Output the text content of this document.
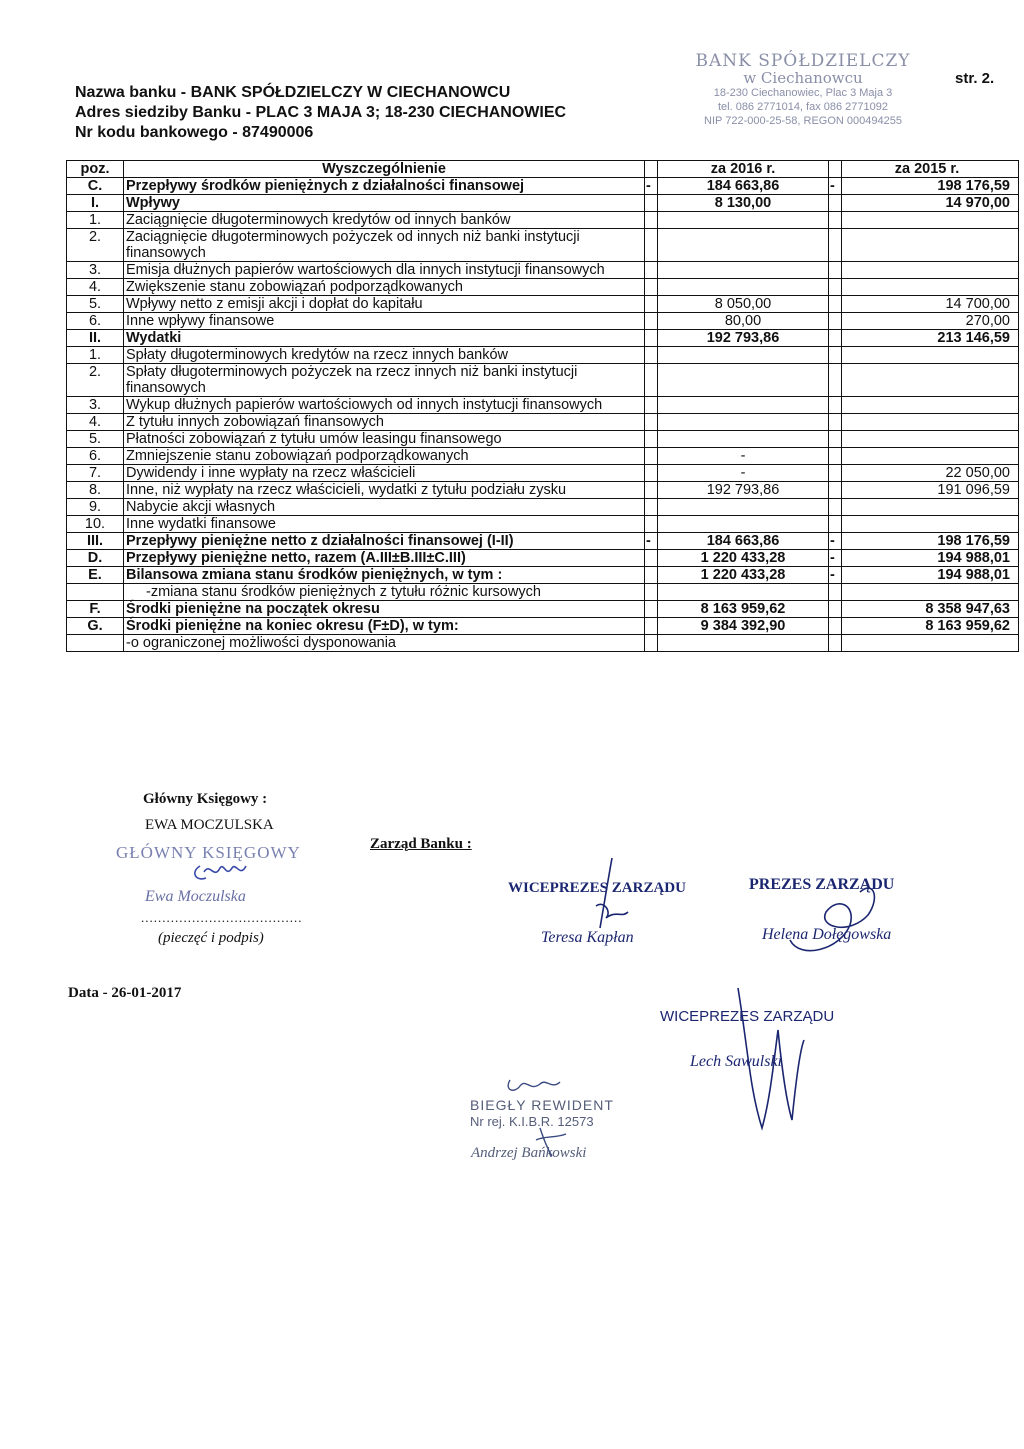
Nazwa banku - BANK SPÓŁDZIELCZY W CIECHANOWCU
Adres siedziby Banku - PLAC 3 MAJA 3; 18-230 CIECHANOWIEC
Nr kodu bankowego - 87490006
BANK SPÓŁDZIELCZY
w Ciechanowcu
18-230 Ciechanowiec, Plac 3 Maja 3
tel. 086 2771014, fax 086 2771092
NIP 722-000-25-58, REGON 000494255
str. 2.
poz.	Wyszczególnienie		za 2016 r.		za 2015 r.
C.	Przepływy środków pieniężnych z działalności finansowej	-	184 663,86	-	198 176,59
I.	Wpływy		8 130,00		14 970,00
1.	Zaciągnięcie długoterminowych kredytów od innych banków				
2.	Zaciągnięcie długoterminowych pożyczek od innych niż banki instytucji finansowych				
3.	Emisja dłużnych papierów wartościowych dla innych instytucji finansowych				
4.	Zwiększenie stanu zobowiązań podporządkowanych				
5.	Wpływy netto z emisji akcji i dopłat do kapitału		8 050,00		14 700,00
6.	Inne wpływy finansowe		80,00		270,00
II.	Wydatki		192 793,86		213 146,59
1.	Spłaty długoterminowych kredytów na rzecz innych banków				
2.	Spłaty długoterminowych pożyczek na rzecz innych niż banki instytucji finansowych				
3.	Wykup dłużnych papierów wartościowych od innych instytucji finansowych				
4.	Z tytułu innych zobowiązań finansowych				
5.	Płatności zobowiązań z tytułu umów leasingu finansowego				
6.	Zmniejszenie stanu zobowiązań podporządkowanych		-		
7.	Dywidendy i inne wypłaty na rzecz właścicieli		-		22 050,00
8.	Inne, niż wypłaty na rzecz właścicieli, wydatki z tytułu podziału zysku		192 793,86		191 096,59
9.	Nabycie akcji własnych				
10.	Inne wydatki finansowe				
III.	Przepływy pieniężne netto z działalności finansowej (I-II)	-	184 663,86	-	198 176,59
D.	Przepływy pieniężne netto, razem (A.III±B.III±C.III)		1 220 433,28	-	194 988,01
E.	Bilansowa zmiana stanu środków pieniężnych, w tym :		1 220 433,28	-	194 988,01
	-zmiana stanu środków pieniężnych z tytułu różnic kursowych				
F.	Środki pieniężne na początek okresu		8 163 959,62		8 358 947,63
G.	Środki pieniężne na koniec okresu (F±D), w tym:		9 384 392,90		8 163 959,62
	-o ograniczonej możliwości dysponowania				
Główny Księgowy :
EWA MOCZULSKA
GŁÓWNY KSIĘGOWY
Ewa Moczulska
......................................
(pieczęć i podpis)
Zarząd Banku :
WICEPREZES ZARZĄDU
Teresa Kapłan
PREZES ZARZĄDU
Helena Dołęgowska
Data - 26-01-2017
WICEPREZES ZARZĄDU
Lech Sawulski
BIEGŁY REWIDENT
Nr rej. K.I.B.R. 12573
Andrzej Bańkowski
